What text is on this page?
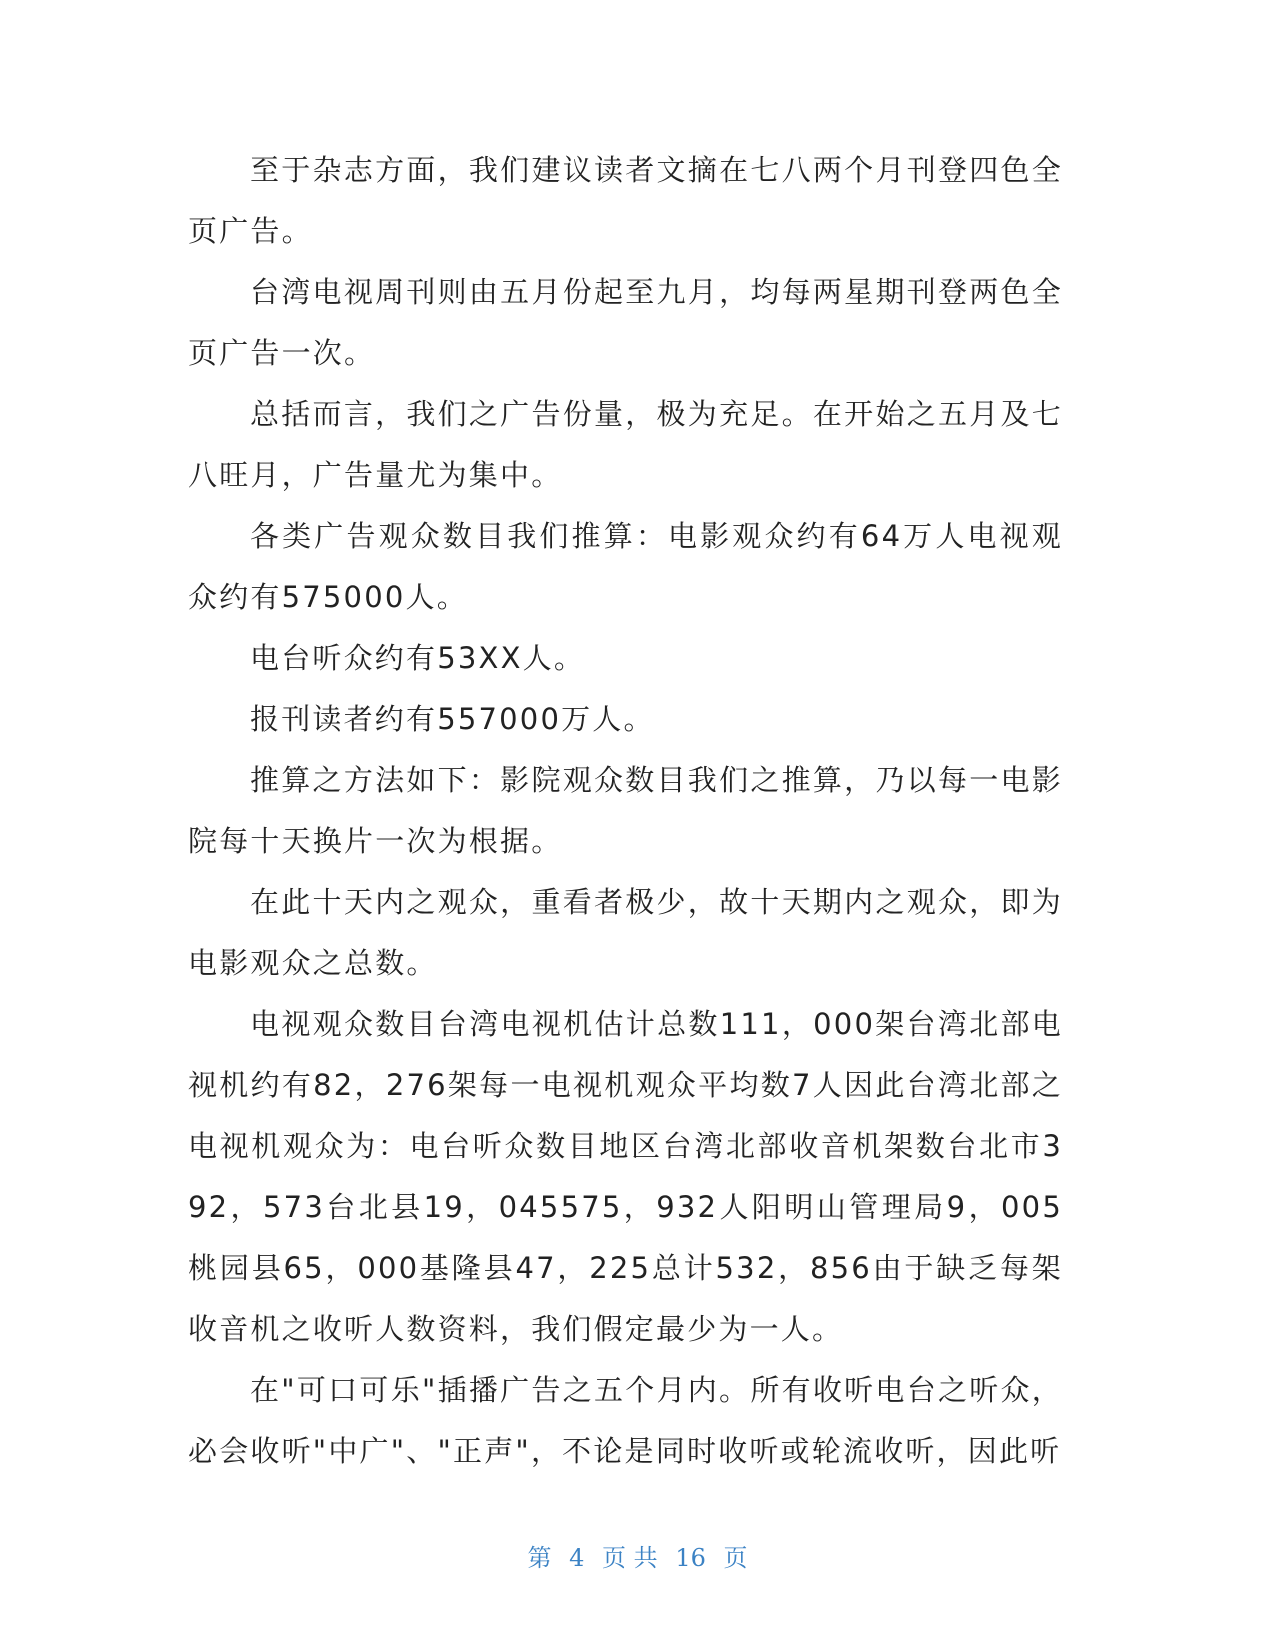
至于杂志方面，我们建议读者文摘在七八两个月刊登四色全页广告。

台湾电视周刊则由五月份起至九月，均每两星期刊登两色全页广告一次。

总括而言，我们之广告份量，极为充足。在开始之五月及七八旺月，广告量尤为集中。

各类广告观众数目我们推算：电影观众约有64万人电视观众约有575000人。

电台听众约有53XX人。

报刊读者约有557000万人。

推算之方法如下：影院观众数目我们之推算，乃以每一电影院每十天换片一次为根据。

在此十天内之观众，重看者极少，故十天期内之观众，即为电影观众之总数。

电视观众数目台湾电视机估计总数111，000架台湾北部电视机约有82，276架每一电视机观众平均数7人因此台湾北部之电视机观众为：电台听众数目地区台湾北部收音机架数台北市392，573台北县19，045575，932人阳明山管理局9，005桃园县65，000基隆县47，225总计532，856由于缺乏每架收音机之收听人数资料，我们假定最少为一人。

在"可口可乐"插播广告之五个月内。所有收听电台之听众，必会收听"中广"、"正声"，不论是同时收听或轮流收听，因此听

第 4 页 共 16 页
